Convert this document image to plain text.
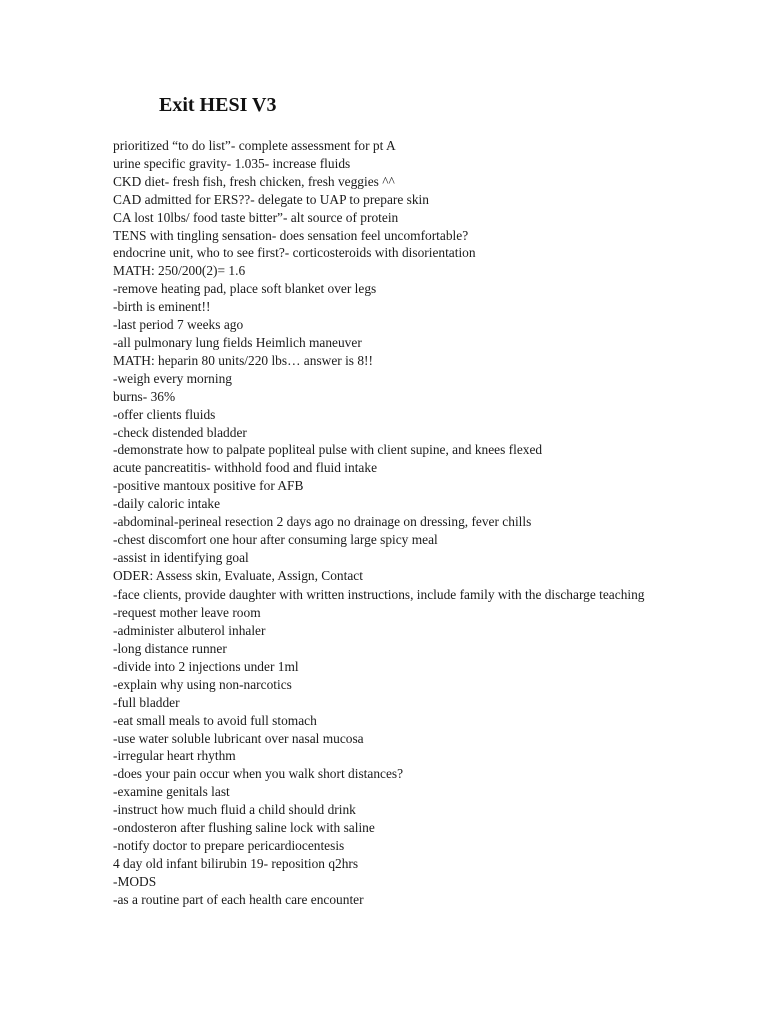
Exit HESI V3
prioritized “to do list”- complete assessment for pt A
urine specific gravity- 1.035- increase fluids
CKD diet- fresh fish, fresh chicken, fresh veggies ^^
CAD admitted for ERS??- delegate to UAP to prepare skin
CA lost 10lbs/ food taste bitter”- alt source of protein
TENS with tingling sensation- does sensation feel uncomfortable?
endocrine unit, who to see first?- corticosteroids with disorientation
MATH: 250/200(2)= 1.6
-remove heating pad, place soft blanket over legs
-birth is eminent!!
-last period 7 weeks ago
-all pulmonary lung fields Heimlich maneuver
MATH: heparin 80 units/220 lbs… answer is 8!!
-weigh every morning
burns- 36%
-offer clients fluids
-check distended bladder
-demonstrate how to palpate popliteal pulse with client supine, and knees flexed
acute pancreatitis- withhold food and fluid intake
-positive mantoux positive for AFB
-daily caloric intake
-abdominal-perineal resection 2 days ago no drainage on dressing, fever chills
-chest discomfort one hour after consuming large spicy meal
-assist in identifying goal
ODER: Assess skin, Evaluate, Assign, Contact
-face clients, provide daughter with written instructions, include family with the discharge teaching
-request mother leave room
-administer albuterol inhaler
-long distance runner
-divide into 2 injections under 1ml
-explain why using non-narcotics
-full bladder
-eat small meals to avoid full stomach
-use water soluble lubricant over nasal mucosa
-irregular heart rhythm
-does your pain occur when you walk short distances?
-examine genitals last
-instruct how much fluid a child should drink
-ondosteron after flushing saline lock with saline
-notify doctor to prepare pericardiocentesis
4 day old infant bilirubin 19- reposition q2hrs
-MODS
-as a routine part of each health care encounter
